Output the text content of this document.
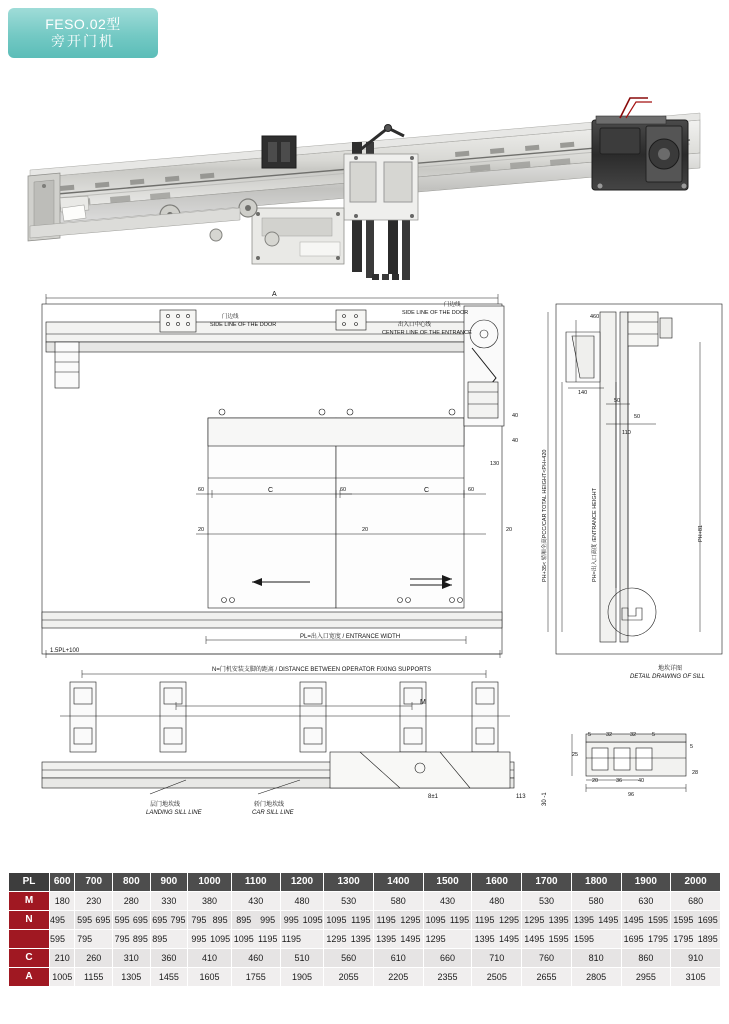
FESO.02型
旁开门机
门边线
SIDE LINE OF THE DOOR
门边线
SIDE LINE OF THE DOOR
出入口中心线
CENTER LINE OF THE ENTRANCE
A
C	C
60	60	60
20	20	20
130
40
40
PL=出入口宽度 / ENTRANCE WIDTH
1.5PL+100
N=门机安装支脚的距离 / DISTANCE BETWEEN OPERATOR FIXING SUPPORTS
M
层门地坎线
LANDING SILL LINE
轿门地坎线
CAR SILL LINE
8±1	113
地坎详图
DETAIL DRAWING OF SILL
460
140
50
50
110
5	32	32	5
5
25
28
20	36	40
96
PH+35< 轿厢全高PCC/CAR TOTAL HEIGHT<PH+420	PH=出入口高度 /ENTRANCE HEIGHT	PH+81
30 -1
PL	600	700	800	900	1000	1100	1200	1300	1400	1500	1600	1700	1800	1900	2000
M	180	230	280	330	380	430	480	530	580	430	480	530	580	630	680
N	495	595 695	595 695	695 795	795 895	895 995	995 1095	1095 1195	1195 1295	1095 1195	1195 1295	1295 1395	1395 1495	1495 1595	1595 1695
	595	795	795 895	895	995 1095	1095 1195	1195	1295 1395	1395 1495	1295	1395 1495	1495 1595	1595	1695 1795	1795 1895
C	210	260	310	360	410	460	510	560	610	660	710	760	810	860	910
A	1005	1155	1305	1455	1605	1755	1905	2055	2205	2355	2505	2655	2805	2955	3105
